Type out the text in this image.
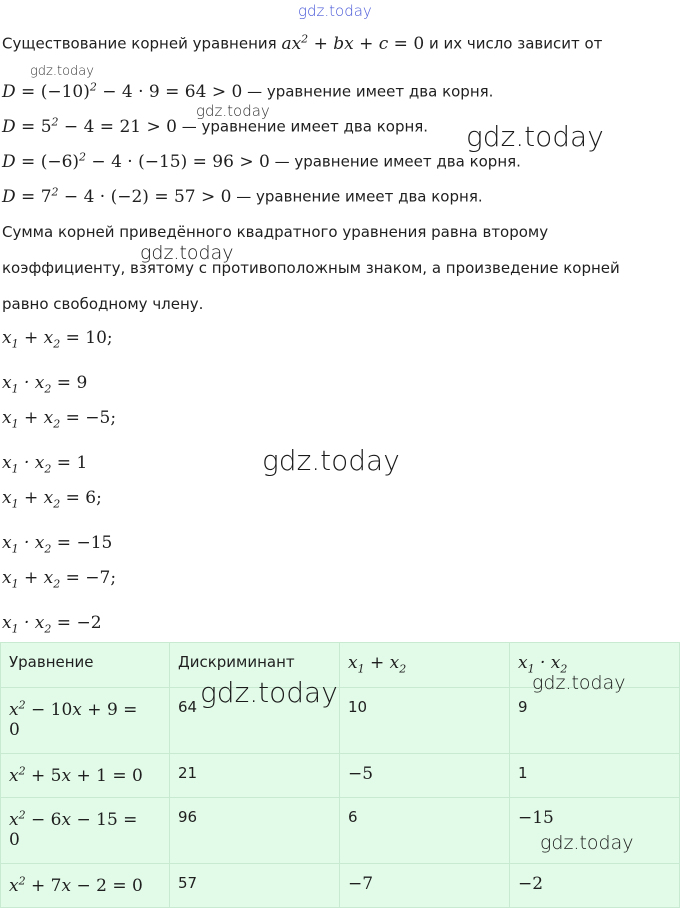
gdz.today
Существование корней уравнения $ax^2$ + bx + c = 0 и их число зависит от
gdz.today
$D = (-10)^2 - 4 \cdot 9 = 64 > 0$ — уравнение имеет два корня.
gdz.today
$D = 5^2 - 4 = 21 > 0$ — уравнение имеет два корня. gdz.today
$D = (-6)^2 - 4 \cdot (-15) = 96 > 0$ — уравнение имеет два корня.
$D = 7^2 - 4 \cdot (-2) = 57 > 0$ — уравнение имеет два корня.
Сумма корней приведённого квадратного уравнения равна второму
gdz.today
коэффициенту, взятому с противоположным знаком, а произведение корней
равно свободному члену.
$x_1 + x_2 = 10$;
$x_1 \cdot x_2 = 9$
$x_1 + x_2 = -5$;
$x_1 \cdot x_2 = 1$	gdz.today
$x_1 + x_2 = 6$;
$x_1 \cdot x_2 = -15$
$x_1 + x_2 = -7$;
$x_1 \cdot x_2 = -2$
Уравнение	Дискриминант	$x_1 + x_2$	$x_1 \cdot x_2$
$x^2 - 10x + 9$ =
0	64	10	9
$x^2 + 5x + 1 = 0$	21	−5	1
$x^2 - 6x - 15$ =
0	96	6	−15
$x^2 + 7x - 2 = 0$	57	−7	−2
gdz.today	gdz.today
gdz.today
